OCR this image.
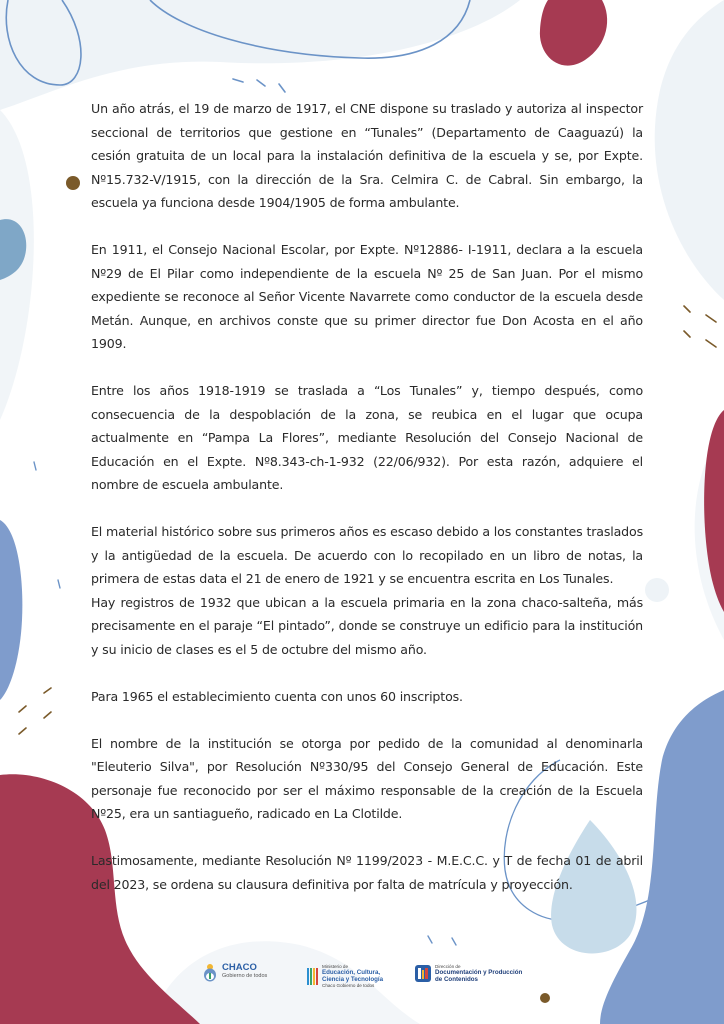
Un año atrás, el 19 de marzo de 1917, el CNE dispone su traslado y autoriza al inspector seccional de territorios que gestione en “Tunales” (Departamento de Caaguazú) la cesión gratuita de un local para la instalación definitiva de la escuela y se, por Expte. Nº15.732-V/1915, con la dirección de la Sra. Celmira C. de Cabral. Sin embargo, la escuela ya funciona desde 1904/1905 de forma ambulante.

En 1911, el Consejo Nacional Escolar, por Expte. Nº12886- I-1911, declara a la escuela Nº29 de El Pilar como independiente de la escuela Nº 25 de San Juan. Por el mismo expediente se reconoce al Señor Vicente Navarrete como conductor de la escuela desde Metán. Aunque, en archivos conste que su primer director fue Don Acosta en el año 1909.

Entre los años 1918-1919 se traslada a “Los Tunales” y, tiempo después, como consecuencia de la despoblación de la zona, se reubica en el lugar que ocupa actualmente en “Pampa La Flores”, mediante Resolución del Consejo Nacional de Educación en el Expte. Nº8.343-ch-1-932 (22/06/932). Por esta razón, adquiere el nombre de escuela ambulante.

El material histórico sobre sus primeros años es escaso debido a los constantes traslados y la antigüedad de la escuela. De acuerdo con lo recopilado en un libro de notas, la primera de estas data el 21 de enero de 1921 y se encuentra escrita en Los Tunales.

Hay registros de 1932 que ubican a la escuela primaria en la zona chaco-salteña, más precisamente en el paraje “El pintado”, donde se construye un edificio para la institución y su inicio de clases es el 5 de octubre del mismo año.

Para 1965 el establecimiento cuenta con unos 60 inscriptos.

El nombre de la institución se otorga por pedido de la comunidad al denominarla "Eleuterio Silva", por Resolución Nº330/95 del Consejo General de Educación. Este personaje fue reconocido por ser el máximo responsable de la creación de la Escuela Nº25, era un santiagueño, radicado en La Clotilde.

Lastimosamente, mediante Resolución Nº 1199/2023 - M.E.C.C. y T de fecha 01 de abril del 2023, se ordena su clausura definitiva por falta de matrícula y proyección.

CHACO
Gobierno de todos
Ministerio de
Educación, Cultura,
Ciencia y Tecnología
Chaco Gobierno de todos
Dirección de
Documentación y Producción
de Contenidos
